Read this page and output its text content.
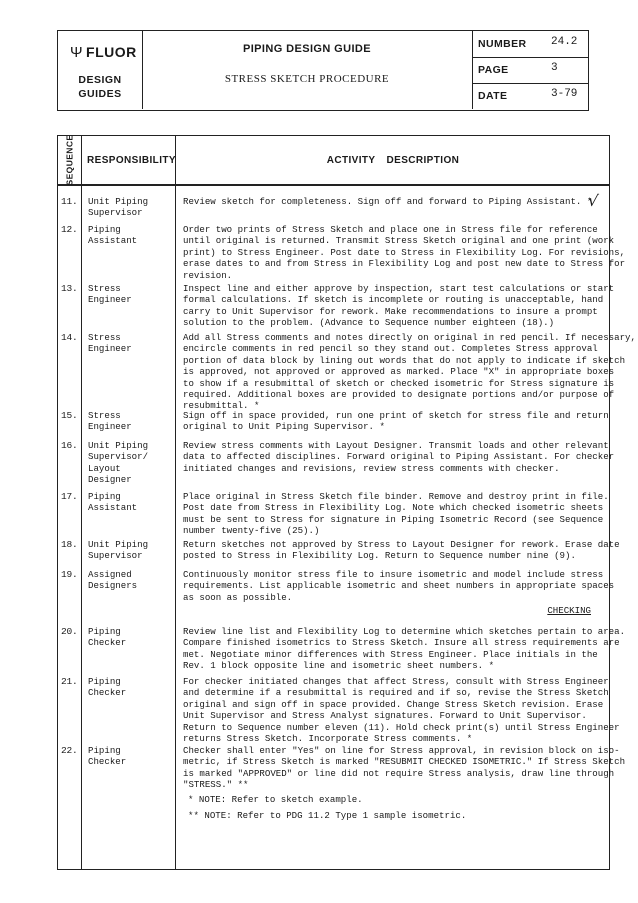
Ψ FLUOR
DESIGN
GUIDES
PIPING DESIGN GUIDE
STRESS SKETCH PROCEDURE
NUMBER 24.2
PAGE	3
DATE	3-79
SEQUENCE RESPONSIBILITY	ACTIVITY DESCRIPTION
11.	Unit Piping
Supervisor
Review sketch for completeness. Sign off and forward to Piping Assistant. *
12.	Piping
Assistant
Order two prints of Stress Sketch and place one in Stress file for reference
until original is returned. Transmit Stress Sketch original and one print (work
print) to Stress Engineer. Post date to Stress in Flexibility Log. For revisions,
erase dates to and from Stress in Flexibility Log and post new date to Stress for
revision.
13.	Stress
Engineer
Inspect line and either approve by inspection, start test calculations or start
formal calculations. If sketch is incomplete or routing is unacceptable, hand
carry to Unit Supervisor for rework. Make recommendations to insure a prompt
solution to the problem. (Advance to Sequence number eighteen (18).)
14.	Stress
Engineer
Add all Stress comments and notes directly on original in red pencil. If necessary,
encircle comments in red pencil so they stand out. Completes Stress approval
portion of data block by lining out words that do not apply to indicate if sketch
is approved, not approved or approved as marked. Place "X" in appropriate boxes
to show if a resubmittal of sketch or checked isometric for Stress signature is
required. Additional boxes are provided to designate portions and/or purpose of
resubmittal. *
15.	Stress
Engineer
Sign off in space provided, run one print of sketch for stress file and return
original to Unit Piping Supervisor. *
16.	Unit Piping
Supervisor/
Layout
Designer
Review stress comments with Layout Designer. Transmit loads and other relevant
data to affected disciplines. Forward original to Piping Assistant. For checker
initiated changes and revisions, review stress comments with checker.
17.	Piping
Assistant
Place original in Stress Sketch file binder. Remove and destroy print in file.
Post date from Stress in Flexibility Log. Note which checked isometric sheets
must be sent to Stress for signature in Piping Isometric Record (see Sequence
number twenty-five (25).)
18.	Unit Piping
Supervisor
Return sketches not approved by Stress to Layout Designer for rework. Erase date
posted to Stress in Flexibility Log. Return to Sequence number nine (9).
19.	Assigned
Designers
Continuously monitor stress file to insure isometric and model include stress
requirements. List applicable isometric and sheet numbers in appropriate spaces
as soon as possible.
20.	Piping
Checker
Review line list and Flexibility Log to determine which sketches pertain to area.
Compare finished isometrics to Stress Sketch. Insure all stress requirements are
met. Negotiate minor differences with Stress Engineer. Place initials in the
Rev. 1 block opposite line and isometric sheet numbers. *
21.	Piping
Checker
For checker initiated changes that affect Stress, consult with Stress Engineer
and determine if a resubmittal is required and if so, revise the Stress Sketch
original and sign off in space provided. Change Stress Sketch revision. Erase
Unit Supervisor and Stress Analyst signatures. Forward to Unit Supervisor.
Return to Sequence number eleven (11). Hold check print(s) until Stress Engineer
returns Stress Sketch. Incorporate Stress comments. *
22.	Piping
Checker
Checker shall enter "Yes" on line for Stress approval, in revision block on iso-
metric, if Stress Sketch is marked "RESUBMIT CHECKED ISOMETRIC." If Stress Sketch
is marked "APPROVED" or line did not require Stress analysis, draw line through
"STRESS." **
CHECKING
* NOTE: Refer to sketch example.
** NOTE: Refer to PDG 11.2 Type 1 sample isometric.
√
